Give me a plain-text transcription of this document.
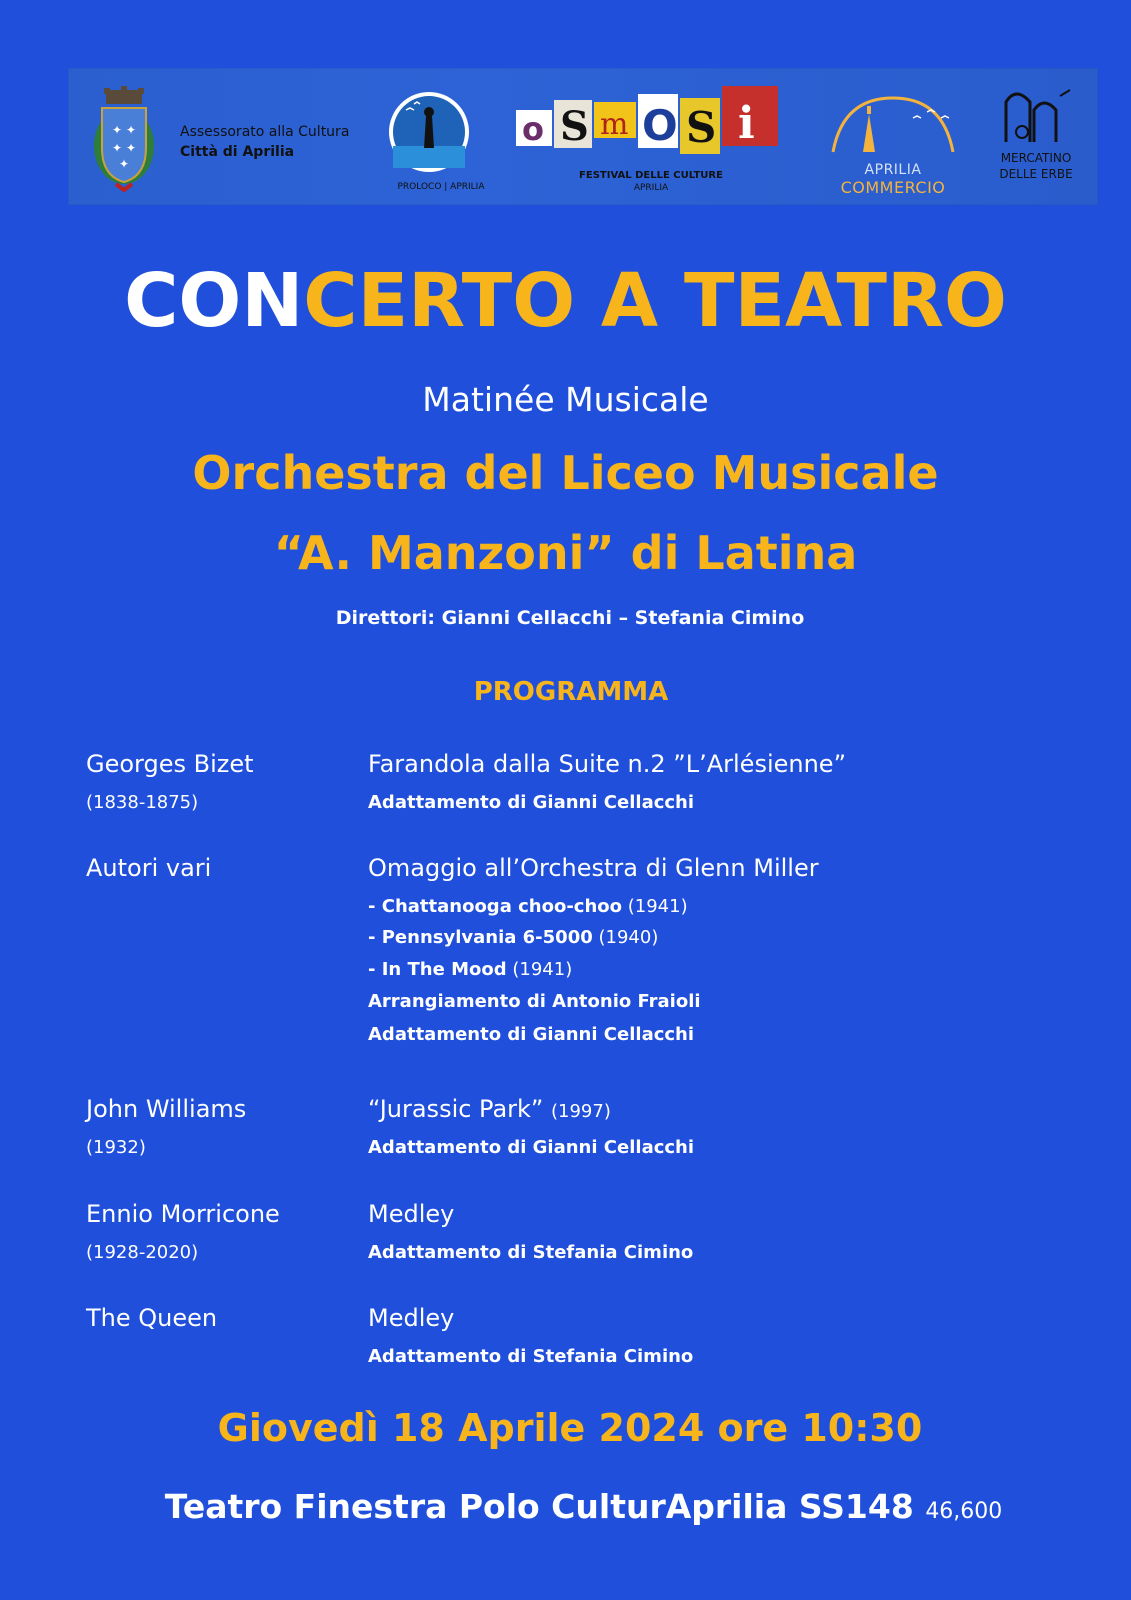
✦ ✦
✦ ✦
✦
Assessorato alla Cultura
Città di Aprilia
PROLOCO | APRILIA
o S m O S i
FESTIVAL DELLE CULTURE
APRILIA
APRILIA
COMMERCIO
MERCATINO
DELLE ERBE
CONCERTO A TEATRO
Matinée Musicale
Orchestra del Liceo Musicale
“A. Manzoni” di Latina
Direttori: Gianni Cellacchi – Stefania Cimino
PROGRAMMA
Georges Bizet
(1838-1875)
Farandola dalla Suite n.2 ”L’Arlésienne”
Adattamento di Gianni Cellacchi
Autori vari	Omaggio all’Orchestra di Glenn Miller
- Chattanooga choo-choo (1941)
- Pennsylvania 6-5000 (1940)
- In The Mood (1941)
Arrangiamento di Antonio Fraioli
Adattamento di Gianni Cellacchi
John Williams
(1932)
“Jurassic Park” (1997)
Adattamento di Gianni Cellacchi
Ennio Morricone
(1928-2020)
Medley
Adattamento di Stefania Cimino
The Queen	Medley
Adattamento di Stefania Cimino
Giovedì 18 Aprile 2024 ore 10:30
Teatro Finestra Polo CulturAprilia SS148 46,600
